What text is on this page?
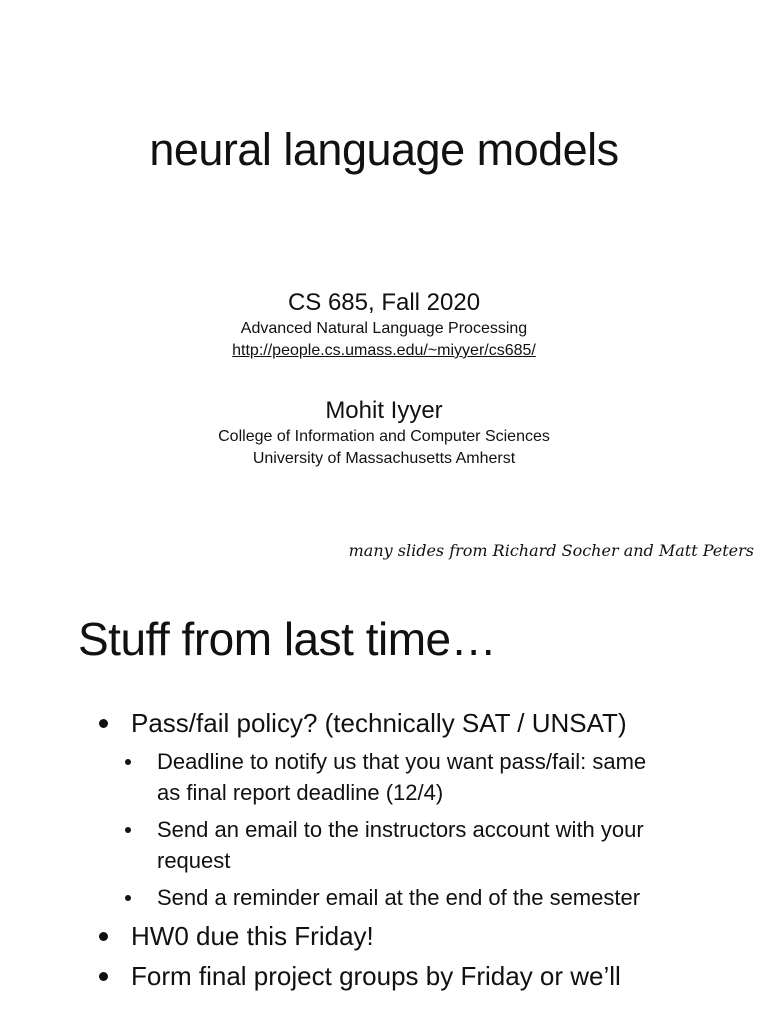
neural language models

CS 685, Fall 2020

Advanced Natural Language Processing

http://people.cs.umass.edu/~miyyer/cs685/

Mohit Iyyer

College of Information and Computer Sciences

University of Massachusetts Amherst

many slides from Richard Socher and Matt Peters
Stuff from last time…
Pass/fail policy? (technically SAT / UNSAT)
Deadline to notify us that you want pass/fail: same as final report deadline (12/4)
Send an email to the instructors account with your request
Send a reminder email at the end of the semester
HW0 due this Friday!
Form final project groups by Friday or we’ll
